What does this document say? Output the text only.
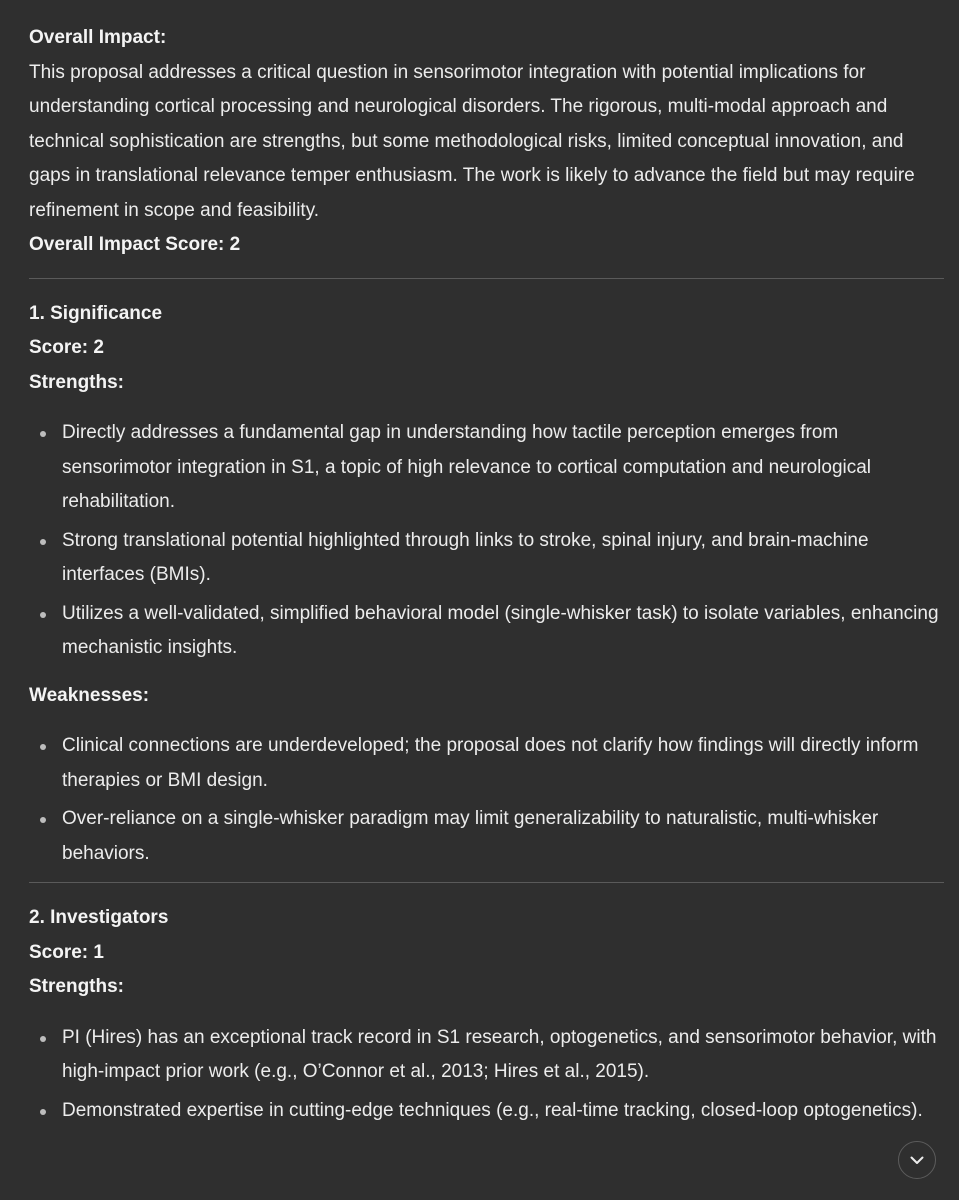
Overall Impact:

This proposal addresses a critical question in sensorimotor integration with potential implications for understanding cortical processing and neurological disorders. The rigorous, multi-modal approach and technical sophistication are strengths, but some methodological risks, limited conceptual innovation, and gaps in translational relevance temper enthusiasm. The work is likely to advance the field but may require refinement in scope and feasibility.

Overall Impact Score: 2
1. Significance
Score: 2
Strengths:
Directly addresses a fundamental gap in understanding how tactile perception emerges from sensorimotor integration in S1, a topic of high relevance to cortical computation and neurological rehabilitation.
Strong translational potential highlighted through links to stroke, spinal injury, and brain-machine interfaces (BMIs).
Utilizes a well-validated, simplified behavioral model (single-whisker task) to isolate variables, enhancing mechanistic insights.
Weaknesses:
Clinical connections are underdeveloped; the proposal does not clarify how findings will directly inform therapies or BMI design.
Over-reliance on a single-whisker paradigm may limit generalizability to naturalistic, multi-whisker behaviors.
2. Investigators
Score: 1
Strengths:
PI (Hires) has an exceptional track record in S1 research, optogenetics, and sensorimotor behavior, with high-impact prior work (e.g., O’Connor et al., 2013; Hires et al., 2015).
Demonstrated expertise in cutting-edge techniques (e.g., real-time tracking, closed-loop optogenetics).
